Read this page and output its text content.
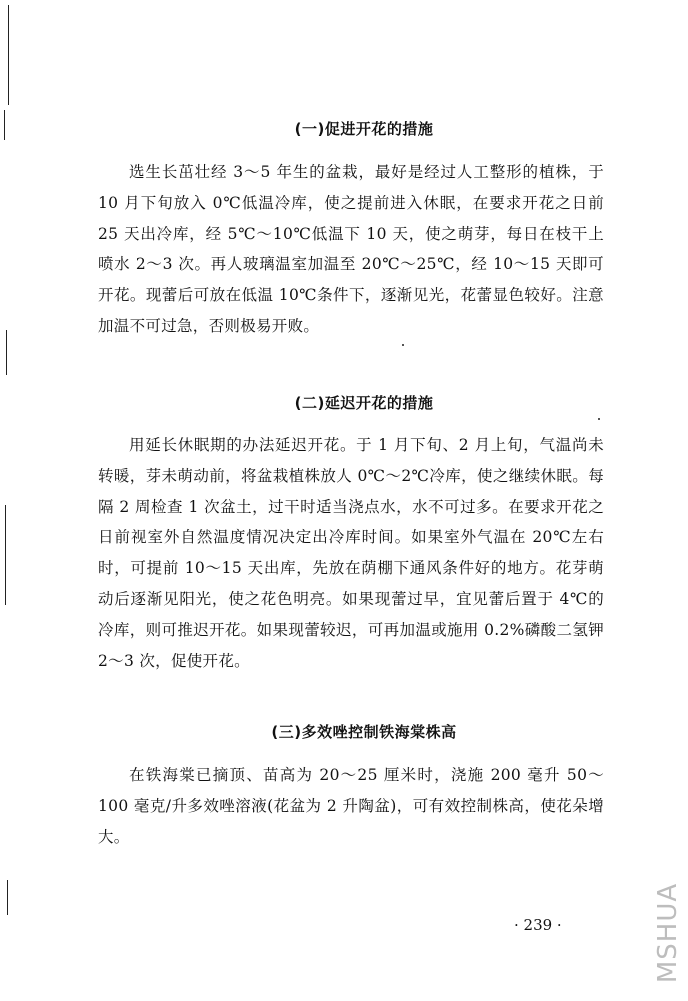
(一)促进开花的措施

选生长茁壮经 3～5 年生的盆栽，最好是经过人工整形的植株，于 10 月下旬放入 0℃低温冷库，使之提前进入休眠，在要求开花之日前 25 天出冷库，经 5℃～10℃低温下 10 天，使之萌芽，每日在枝干上喷水 2～3 次。再人玻璃温室加温至 20℃～25℃，经 10～15 天即可开花。现蕾后可放在低温 10℃条件下，逐渐见光，花蕾显色较好。注意加温不可过急，否则极易开败。

(二)延迟开花的措施

用延长休眠期的办法延迟开花。于 1 月下旬、2 月上旬，气温尚未转暖，芽未萌动前，将盆栽植株放人 0℃～2℃冷库，使之继续休眠。每隔 2 周检查 1 次盆土，过干时适当浇点水，水不可过多。在要求开花之日前视室外自然温度情况决定出冷库时间。如果室外气温在 20℃左右时，可提前 10～15 天出库，先放在荫棚下通风条件好的地方。花芽萌动后逐渐见阳光，使之花色明亮。如果现蕾过早，宜见蕾后置于 4℃的冷库，则可推迟开花。如果现蕾较迟，可再加温或施用 0.2%磷酸二氢钾2～3 次，促使开花。

(三)多效唑控制铁海棠株高

在铁海棠已摘顶、苗高为 20～25 厘米时，浇施 200 毫升 50～100 毫克/升多效唑溶液(花盆为 2 升陶盆)，可有效控制株高，使花朵增大。

· 239 ·	MSHUA
